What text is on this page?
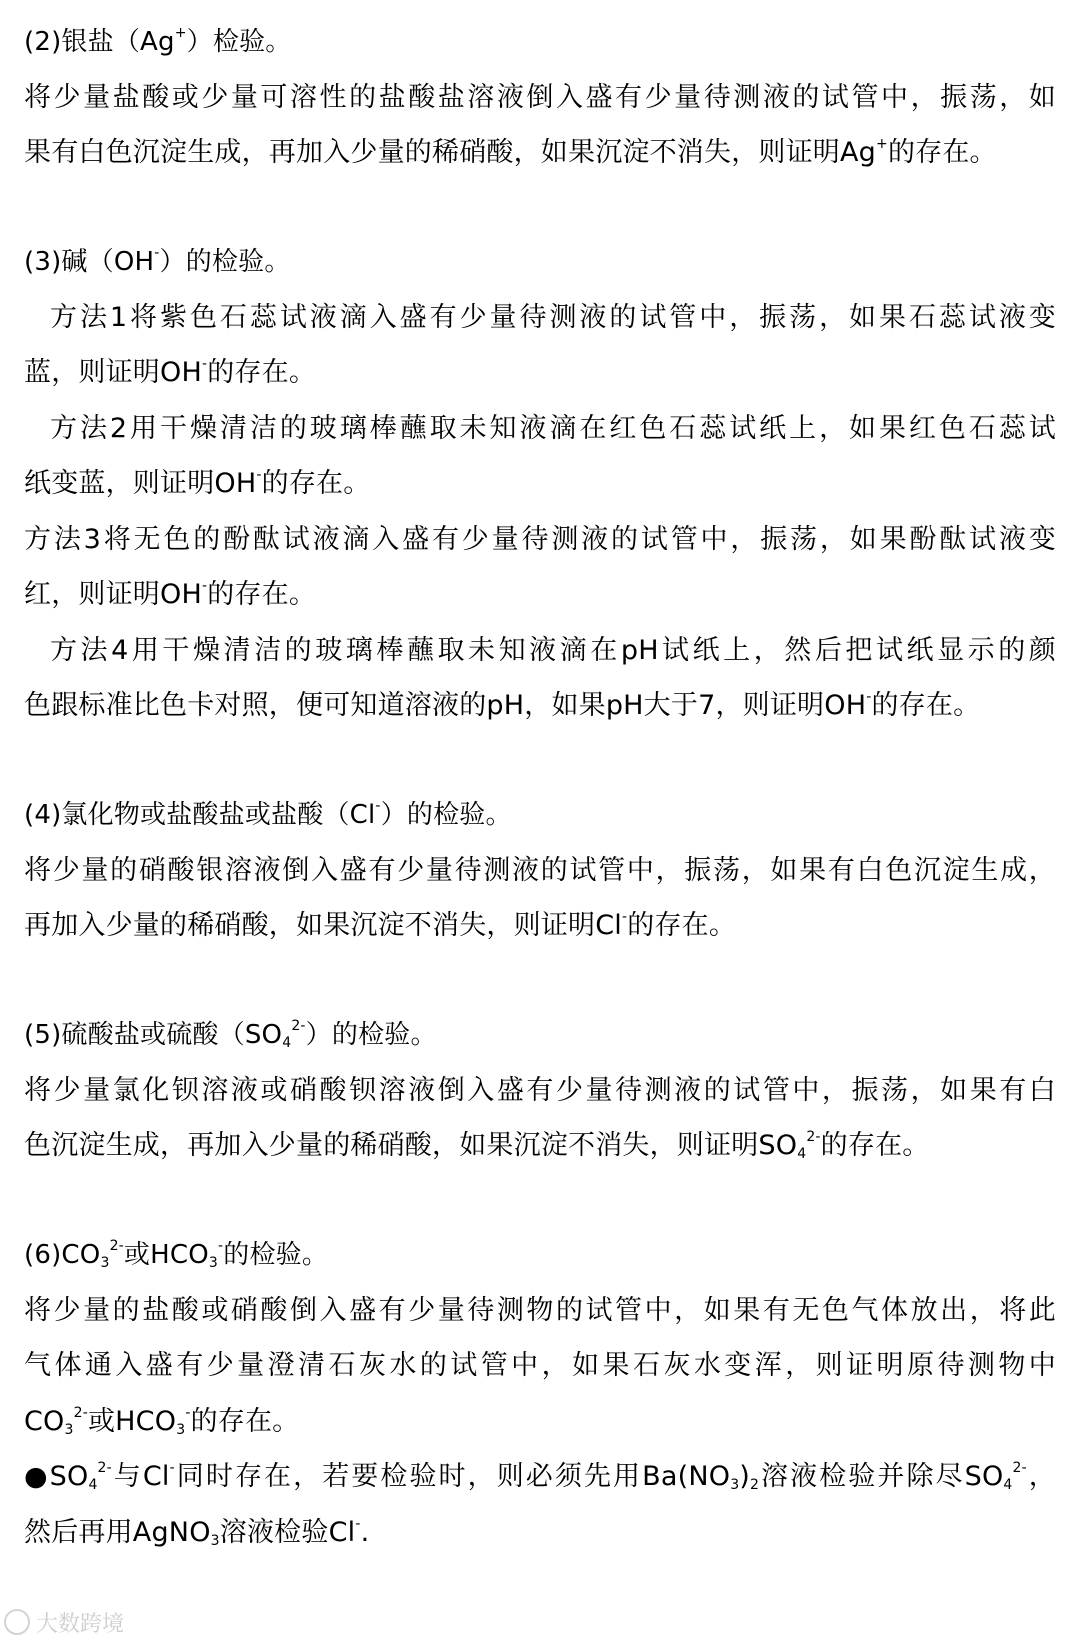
(2)银盐（Ag+）检验。
将少量盐酸或少量可溶性的盐酸盐溶液倒入盛有少量待测液的试管中，振荡，如
果有白色沉淀生成，再加入少量的稀硝酸，如果沉淀不消失，则证明Ag+的存在。
(3)碱（OH-）的检验。
方法1将紫色石蕊试液滴入盛有少量待测液的试管中，振荡，如果石蕊试液变
蓝，则证明OH-的存在。
方法2用干燥清洁的玻璃棒蘸取未知液滴在红色石蕊试纸上，如果红色石蕊试
纸变蓝，则证明OH-的存在。
方法3将无色的酚酞试液滴入盛有少量待测液的试管中，振荡，如果酚酞试液变
红，则证明OH-的存在。
方法4用干燥清洁的玻璃棒蘸取未知液滴在pH试纸上，然后把试纸显示的颜
色跟标准比色卡对照，便可知道溶液的pH，如果pH大于7，则证明OH-的存在。
(4)氯化物或盐酸盐或盐酸（Cl-）的检验。
将少量的硝酸银溶液倒入盛有少量待测液的试管中，振荡，如果有白色沉淀生成，
再加入少量的稀硝酸，如果沉淀不消失，则证明Cl-的存在。
(5)硫酸盐或硫酸$(SO_4^{2-})$的检验。
将少量氯化钡溶液或硝酸钡溶液倒入盛有少量待测液的试管中，振荡，如果有白
色沉淀生成，再加入少量的稀硝酸，如果沉淀不消失，则证明$SO_4^{2-}$的存在。
$(6)CO_3^{2-}$或$HCO_3^-$的检验。
将少量的盐酸或硝酸倒入盛有少量待测物的试管中，如果有无色气体放出，将此
气体通入盛有少量澄清石灰水的试管中，如果石灰水变浑，则证明原待测物中
$CO_3^{2-}$或$HCO_3^-$的存在。
$●SO_4^{2-}$与Cl-同时存在，若要检验时，则必须先用$Ba(NO_3)_2$溶液检验并除尽$SO_4^{2-}$，
然后再用AgNO$_3$溶液检验Cl-.
大数跨境
